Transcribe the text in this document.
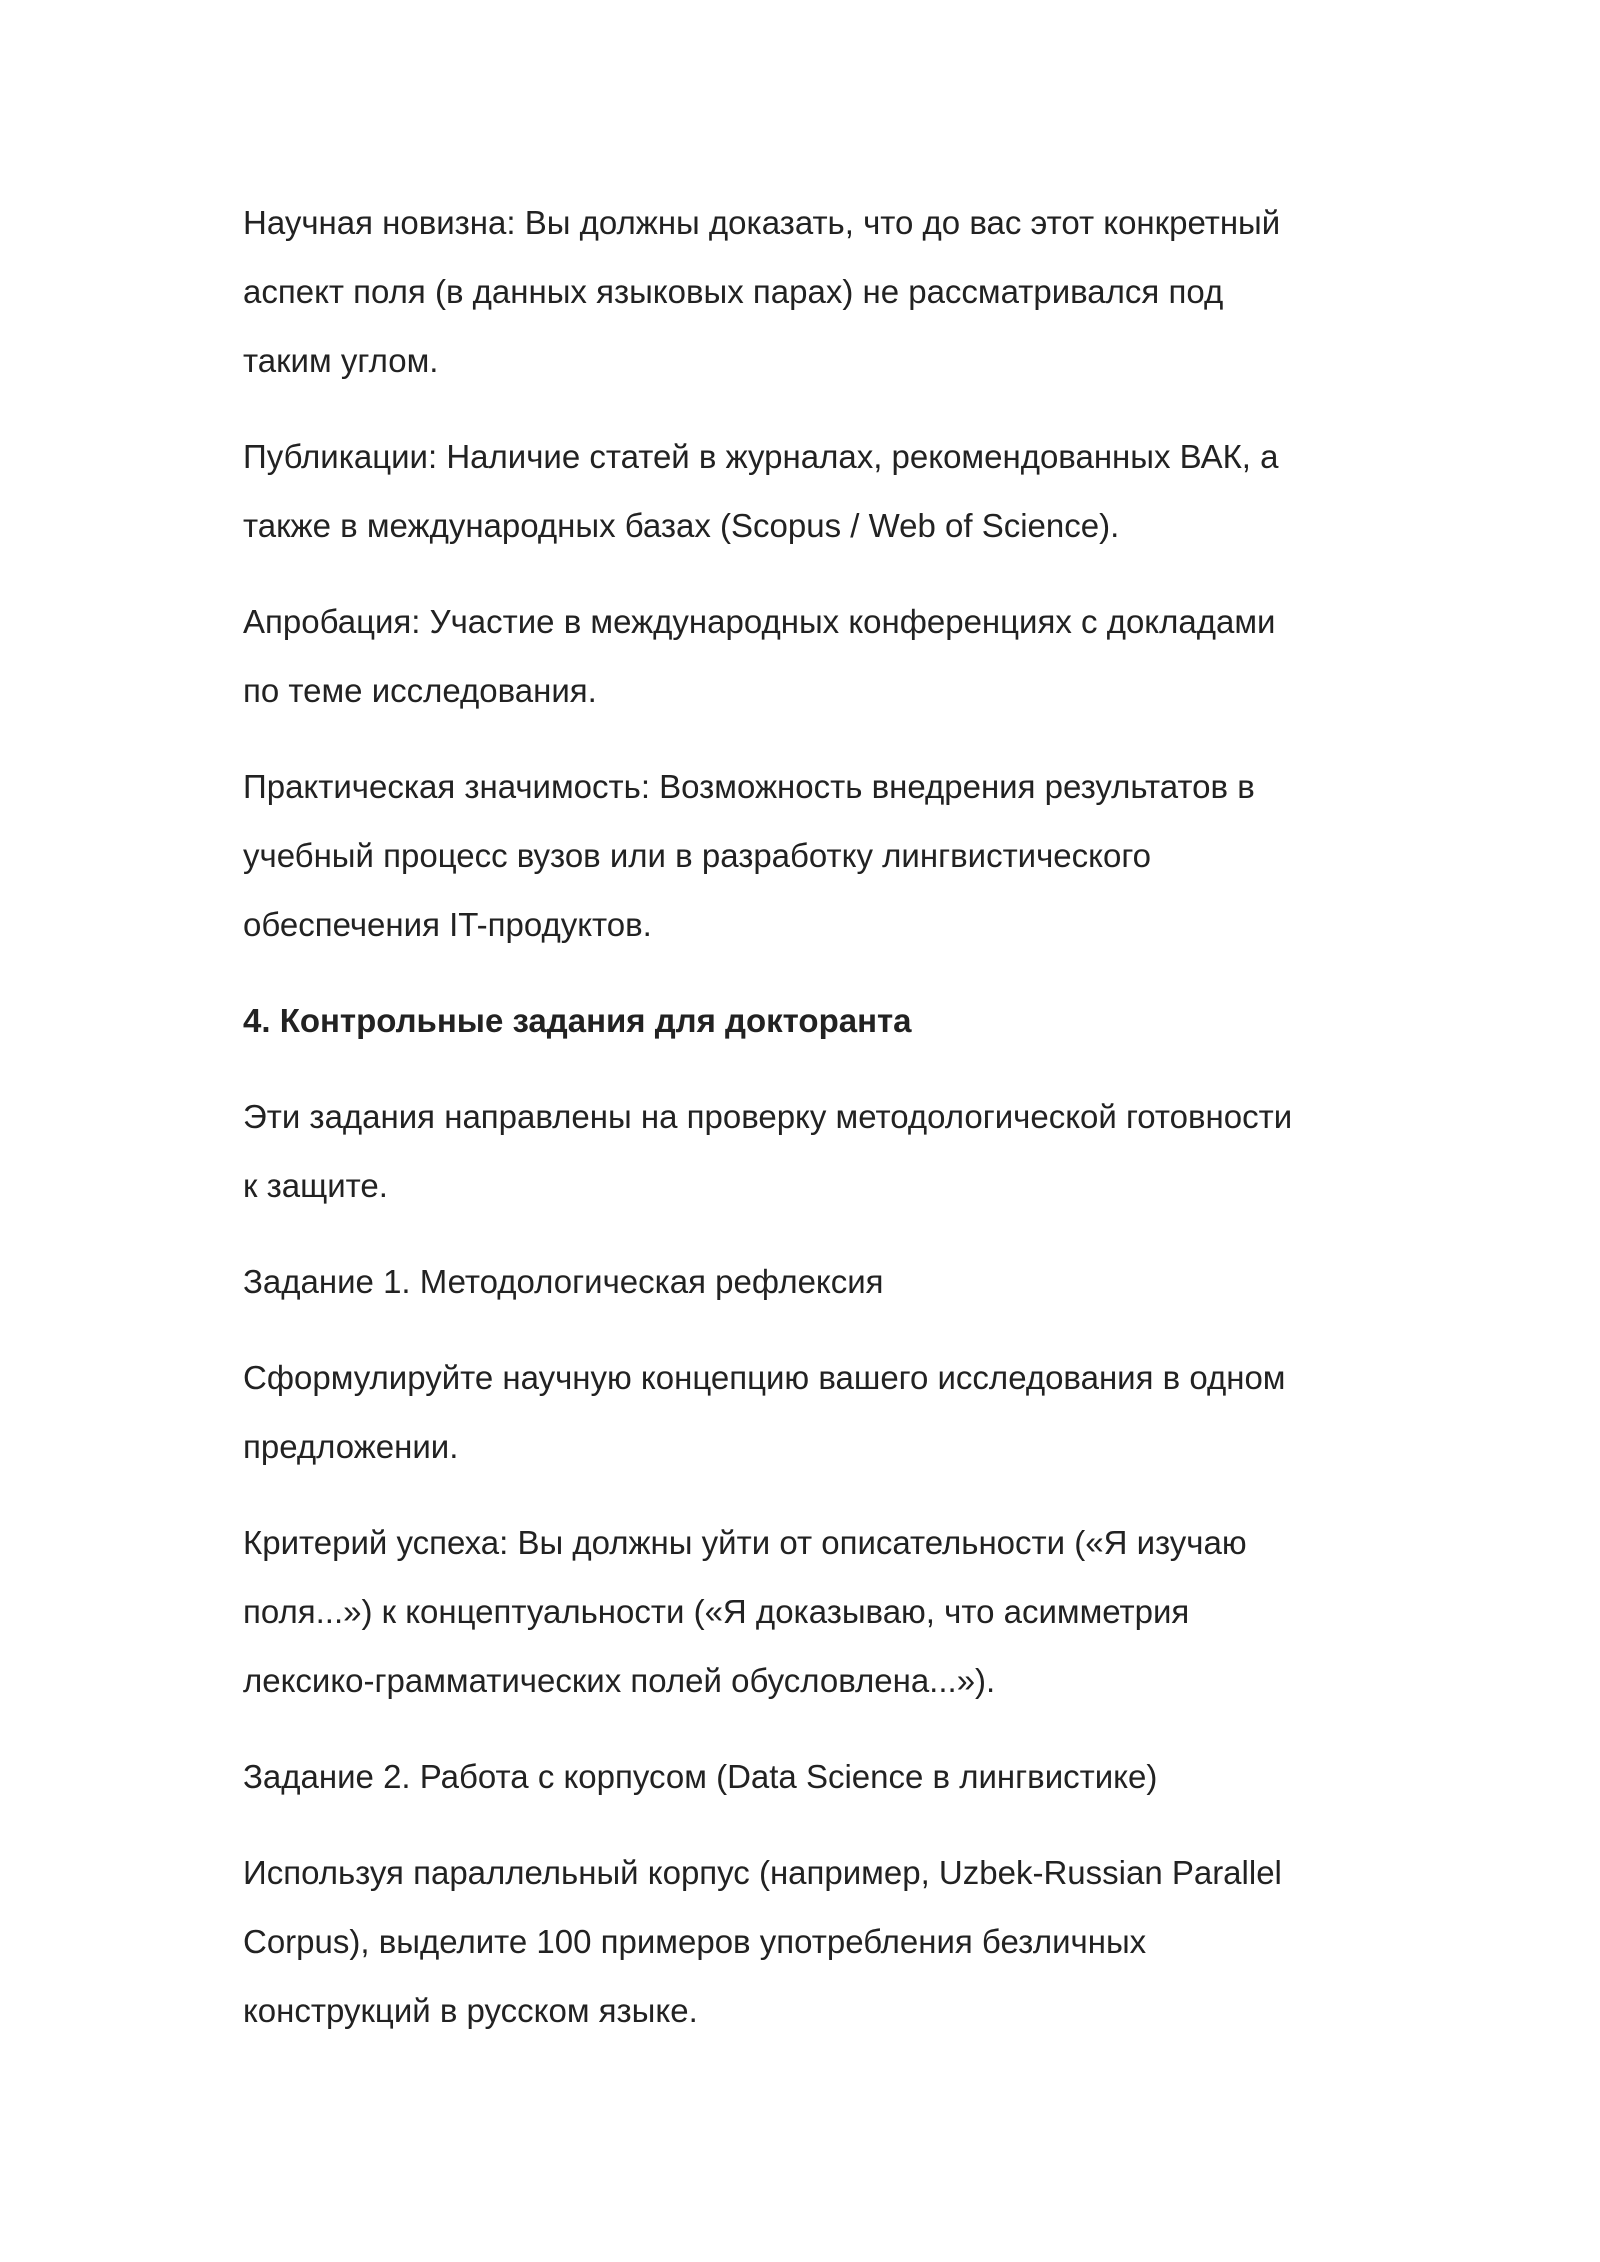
Научная новизна: Вы должны доказать, что до вас этот конкретный
аспект поля (в данных языковых парах) не рассматривался под
таким углом.

Публикации: Наличие статей в журналах, рекомендованных ВАК, а
также в международных базах (Scopus / Web of Science).

Апробация: Участие в международных конференциях с докладами
по теме исследования.

Практическая значимость: Возможность внедрения результатов в
учебный процесс вузов или в разработку лингвистического
обеспечения IT-продуктов.

4. Контрольные задания для докторанта

Эти задания направлены на проверку методологической готовности
к защите.

Задание 1. Методологическая рефлексия

Сформулируйте научную концепцию вашего исследования в одном
предложении.

Критерий успеха: Вы должны уйти от описательности («Я изучаю
поля...») к концептуальности («Я доказываю, что асимметрия
лексико-грамматических полей обусловлена...»).

Задание 2. Работа с корпусом (Data Science в лингвистике)

Используя параллельный корпус (например, Uzbek-Russian Parallel
Corpus), выделите 100 примеров употребления безличных
конструкций в русском языке.
